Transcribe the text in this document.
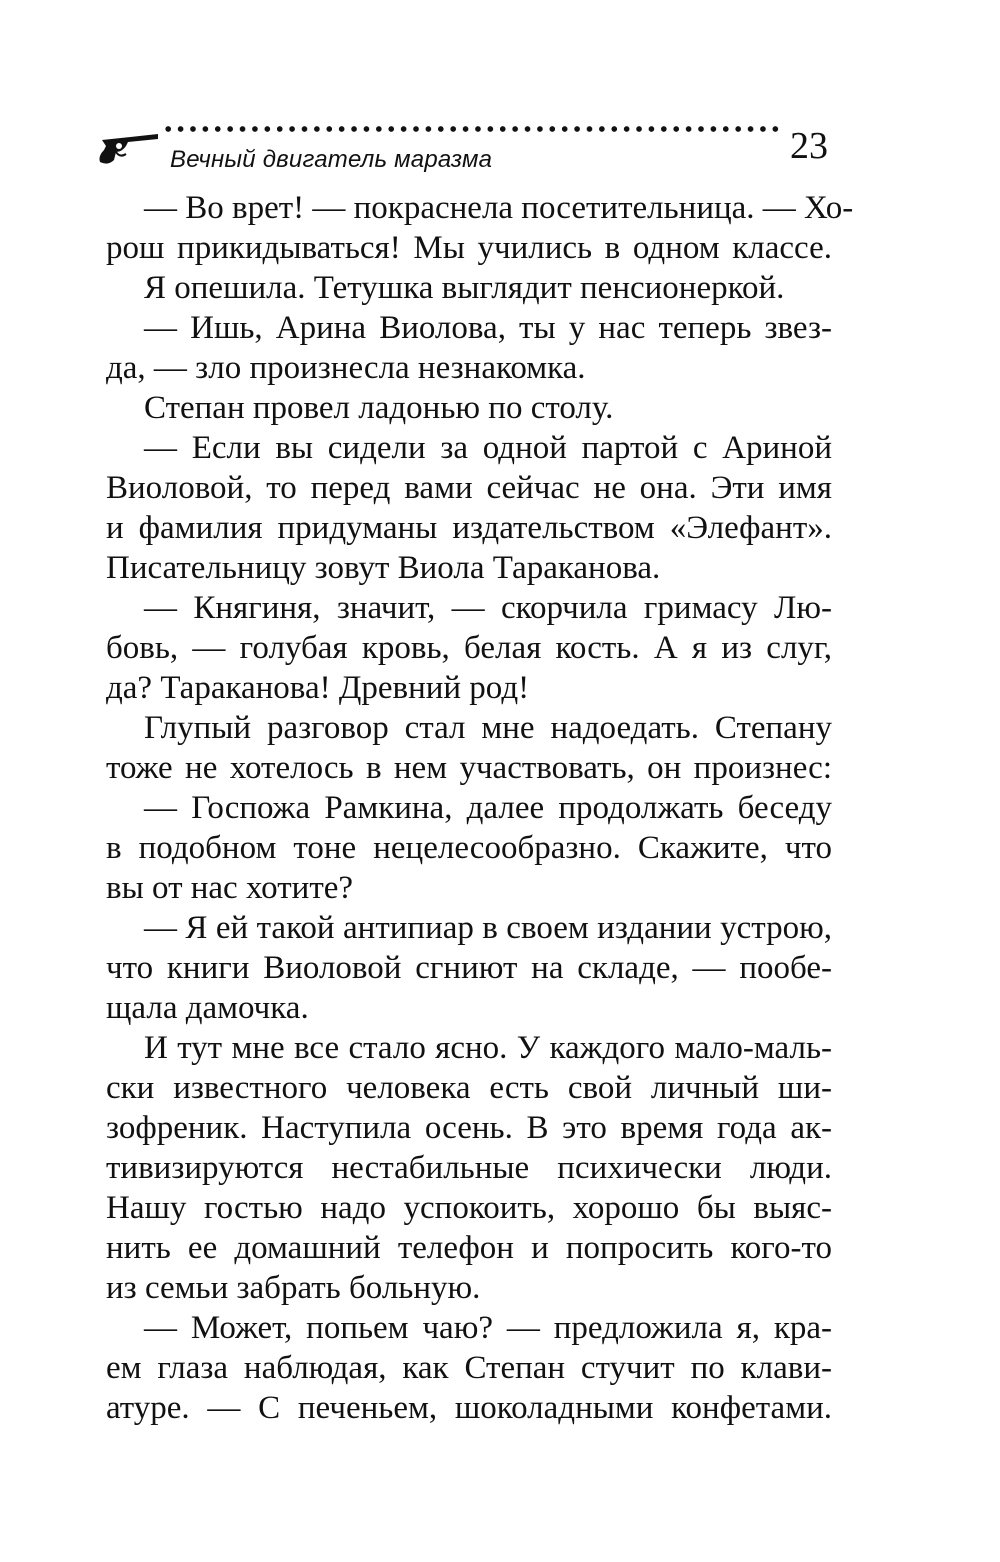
Вечный двигатель маразма	23
— Во врет! — покраснела посетительница. — Хо-
рош прикидываться! Мы учились в одном классе.
Я опешила. Тетушка выглядит пенсионеркой.
— Ишь, Арина Виолова, ты у нас теперь звез-
да, — зло произнесла незнакомка.
Степан провел ладонью по столу.
— Если вы сидели за одной партой с Ариной
Виоловой, то перед вами сейчас не она. Эти имя
и фамилия придуманы издательством «Элефант».
Писательницу зовут Виола Тараканова.
— Княгиня, значит, — скорчила гримасу Лю-
бовь, — голубая кровь, белая кость. А я из слуг,
да? Тараканова! Древний род!
Глупый разговор стал мне надоедать. Степану
тоже не хотелось в нем участвовать, он произнес:
— Госпожа Рамкина, далее продолжать беседу
в подобном тоне нецелесообразно. Скажите, что
вы от нас хотите?
— Я ей такой антипиар в своем издании устрою,
что книги Виоловой сгниют на складе, — пообе-
щала дамочка.
И тут мне все стало ясно. У каждого мало-маль-
ски известного человека есть свой личный ши-
зофреник. Наступила осень. В это время года ак-
тивизируются нестабильные психически люди.
Нашу гостью надо успокоить, хорошо бы выяс-
нить ее домашний телефон и попросить кого-то
из семьи забрать больную.
— Может, попьем чаю? — предложила я, кра-
ем глаза наблюдая, как Степан стучит по клави-
атуре. — С печеньем, шоколадными конфетами.
